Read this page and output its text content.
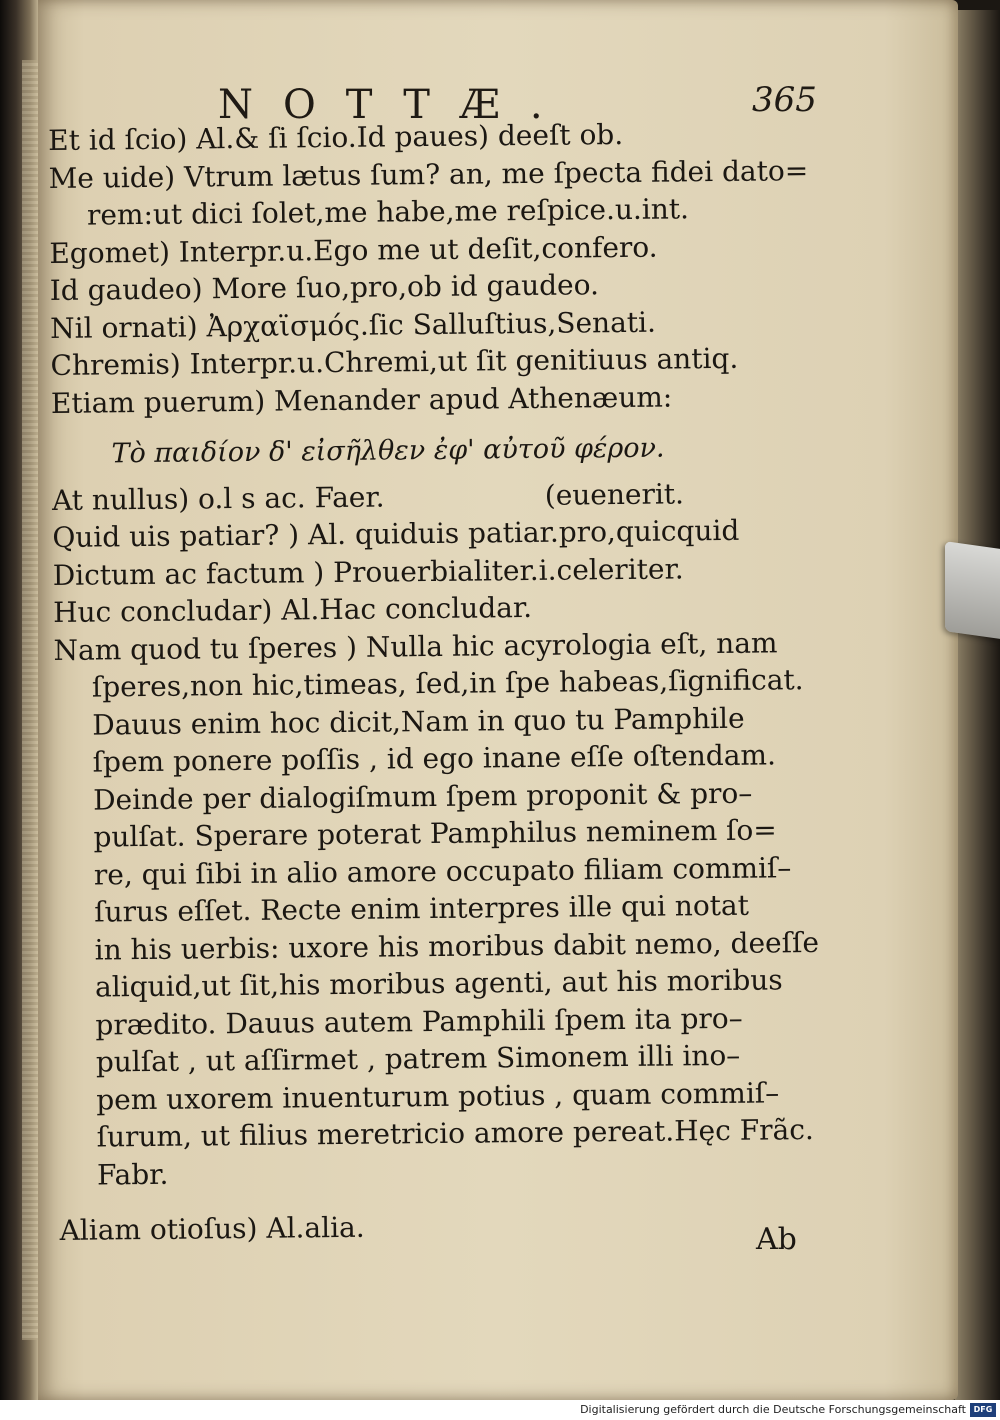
NOTTÆ.	365
Et id ſcio) Al.& ſi ſcio.Id paues) deeſt ob.
Me uide) Vtrum lætus ſum? an, me ſpecta fidei dato=
rem:ut dici ſolet,me habe,me reſpice.u.int.
Egomet) Interpr.u.Ego me ut deſit,confero.
Id gaudeo) More ſuo,pro,ob id gaudeo.
Nil ornati) Ἀρχαϊσμός.ſic Salluſtius,Senati.
Chremis) Interpr.u.Chremi,ut ſit genitiuus antiq.
Etiam puerum) Menander apud Athenæum:
Τὸ παιδίον δ' εἰσῆλθεν ἐφ' αὐτοῦ φέρον.
At nullus) o.l s ac. Faer.                  (euenerit.
Quid uis patiar? ) Al. quiduis patiar.pro,quicquid
Dictum ac factum ) Prouerbialiter.i.celeriter.
Huc concludar) Al.Hac concludar.
Nam quod tu ſperes ) Nulla hic acyrologia eſt, nam
ſperes,non hic,timeas, ſed,in ſpe habeas,ſignificat.
Dauus enim hoc dicit,Nam in quo tu Pamphile
ſpem ponere poſſis , id ego inane eſſe oſtendam.
Deinde per dialogiſmum ſpem proponit & pro–
pulſat. Sperare poterat Pamphilus neminem ſo=
re, qui ſibi in alio amore occupato filiam commiſ–
ſurus eſſet. Recte enim interpres ille qui notat
in his uerbis: uxore his moribus dabit nemo, deeſſe
aliquid,ut ſit,his moribus agenti, aut his moribus
prædito. Dauus autem Pamphili ſpem ita pro–
pulſat , ut aſſirmet , patrem Simonem illi ino–
pem uxorem inuenturum potius , quam commiſ–
ſurum, ut filius meretricio amore pereat.Hęc Frãc.
Fabr.
Aliam otioſus) Al.alia.	Ab
Digitalisierung gefördert durch die Deutsche Forschungsgemeinschaft DFG
